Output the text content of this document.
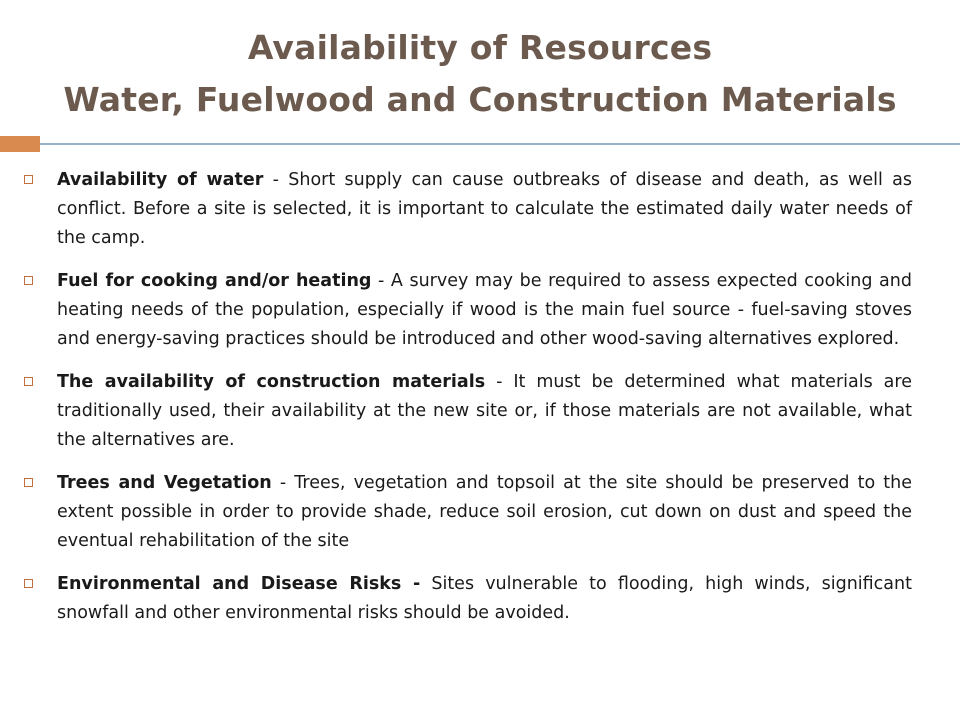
Availability of Resources
Water, Fuelwood and Construction Materials
Availability of water - Short supply can cause outbreaks of disease and death, as well as conflict. Before a site is selected, it is important to calculate the estimated daily water needs of the camp.
Fuel for cooking and/or heating - A survey may be required to assess expected cooking and heating needs of the population, especially if wood is the main fuel source - fuel-saving stoves and energy-saving practices should be introduced and other wood-saving alternatives explored.
The availability of construction materials - It must be determined what materials are traditionally used, their availability at the new site or, if those materials are not available, what the alternatives are.
Trees and Vegetation - Trees, vegetation and topsoil at the site should be preserved to the extent possible in order to provide shade, reduce soil erosion, cut down on dust and speed the eventual rehabilitation of the site
Environmental and Disease Risks - Sites vulnerable to flooding, high winds, significant snowfall and other environmental risks should be avoided.
